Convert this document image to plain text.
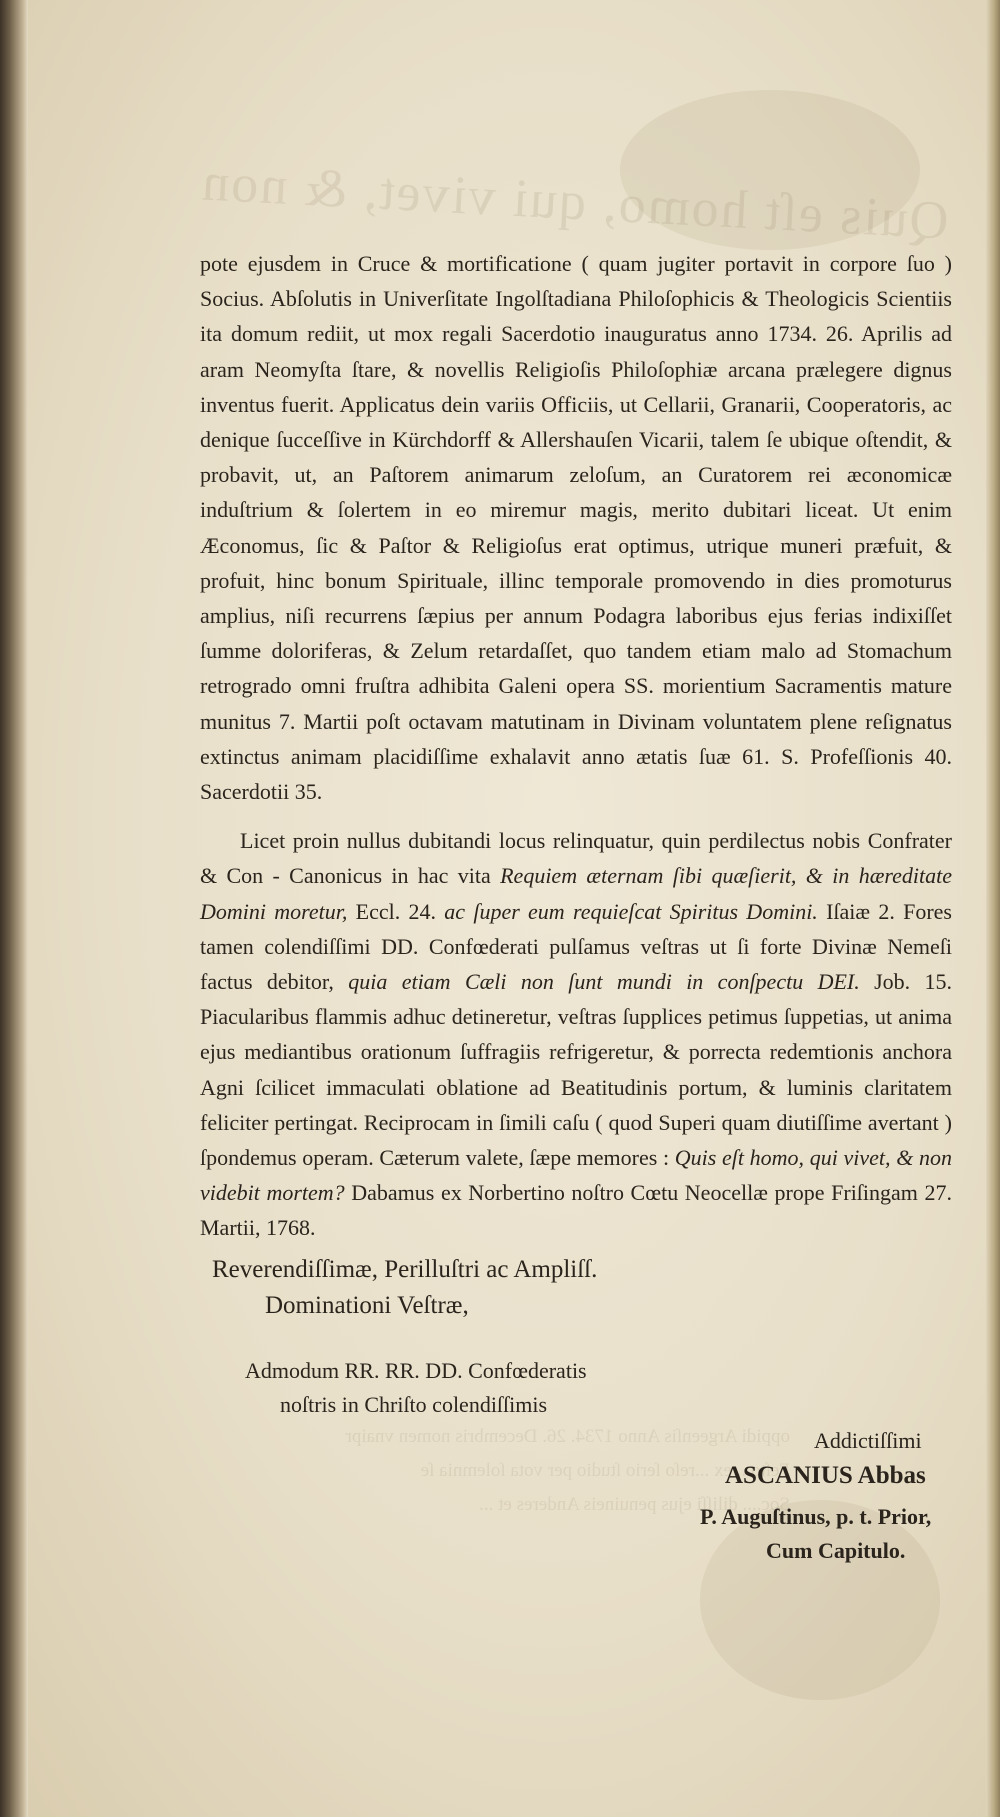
Quis eſt homo, qui vivet, & non
oppidi Argeenſis Anno 1734. 26. Decembris nomen vnaipr
Feſto... ex ...reſo ſerio ſtudio per vota ſolemnia ſe
Soc.... diliſſi ejus penuineis Anderes et ...

pote ejusdem in Cruce & mortificatione ( quam jugiter portavit in corpore ſuo ) Socius. Abſolutis in Univerſitate Ingolſtadiana Philoſophicis & Theologicis Scientiis ita domum rediit, ut mox regali Sacerdotio inauguratus anno 1734. 26. Aprilis ad aram Neomyſta ſtare, & novellis Religioſis Philoſophiæ arcana prælegere dignus inventus fuerit. Applicatus dein variis Officiis, ut Cellarii, Granarii, Cooperatoris, ac denique ſucceſſive in Kürchdorff & Allershauſen Vicarii, talem ſe ubique oſtendit, & probavit, ut, an Paſtorem animarum zeloſum, an Curatorem rei æconomicæ induſtrium & ſolertem in eo miremur magis, merito dubitari liceat. Ut enim Æconomus, ſic & Paſtor & Religioſus erat optimus, utrique muneri præfuit, & profuit, hinc bonum Spirituale, illinc temporale promovendo in dies promoturus amplius, niſi recurrens ſæpius per annum Podagra laboribus ejus ferias indixiſſet ſumme doloriferas, & Zelum retardaſſet, quo tandem etiam malo ad Stomachum retrogrado omni fruſtra adhibita Galeni opera SS. morientium Sacramentis mature munitus 7. Martii poſt octavam matutinam in Divinam voluntatem plene reſignatus extinctus animam placidiſſime exhalavit anno ætatis ſuæ 61. S. Profeſſionis 40. Sacerdotii 35.

Licet proin nullus dubitandi locus relinquatur, quin perdilectus nobis Confrater & Con - Canonicus in hac vita Requiem æternam ſibi quæſierit, & in hæreditate Domini moretur, Eccl. 24. ac ſuper eum requieſcat Spiritus Domini. Iſaiæ 2. Fores tamen colendiſſimi DD. Confœderati pulſamus veſtras ut ſi forte Divinæ Nemeſi factus debitor, quia etiam Cæli non ſunt mundi in conſpectu DEI. Job. 15. Piacularibus flammis adhuc detineretur, veſtras ſupplices petimus ſuppetias, ut anima ejus mediantibus orationum ſuffragiis refrigeretur, & porrecta redemtionis anchora Agni ſcilicet immaculati oblatione ad Beatitudinis portum, & luminis claritatem feliciter pertingat. Reciprocam in ſimili caſu ( quod Superi quam diutiſſime avertant ) ſpondemus operam. Cæterum valete, ſæpe memores : Quis eſt homo, qui vivet, & non videbit mortem? Dabamus ex Norbertino noſtro Cœtu Neocellæ prope Friſingam 27. Martii, 1768.

Reverendiſſimæ, Perilluſtri ac Ampliſſ.
Dominationi Veſtræ,
Admodum RR. RR. DD. Confœderatis
noſtris in Chriſto colendiſſimis
Addictiſſimi
ASCANIUS Abbas
P. Auguſtinus, p. t. Prior,
Cum Capitulo.
